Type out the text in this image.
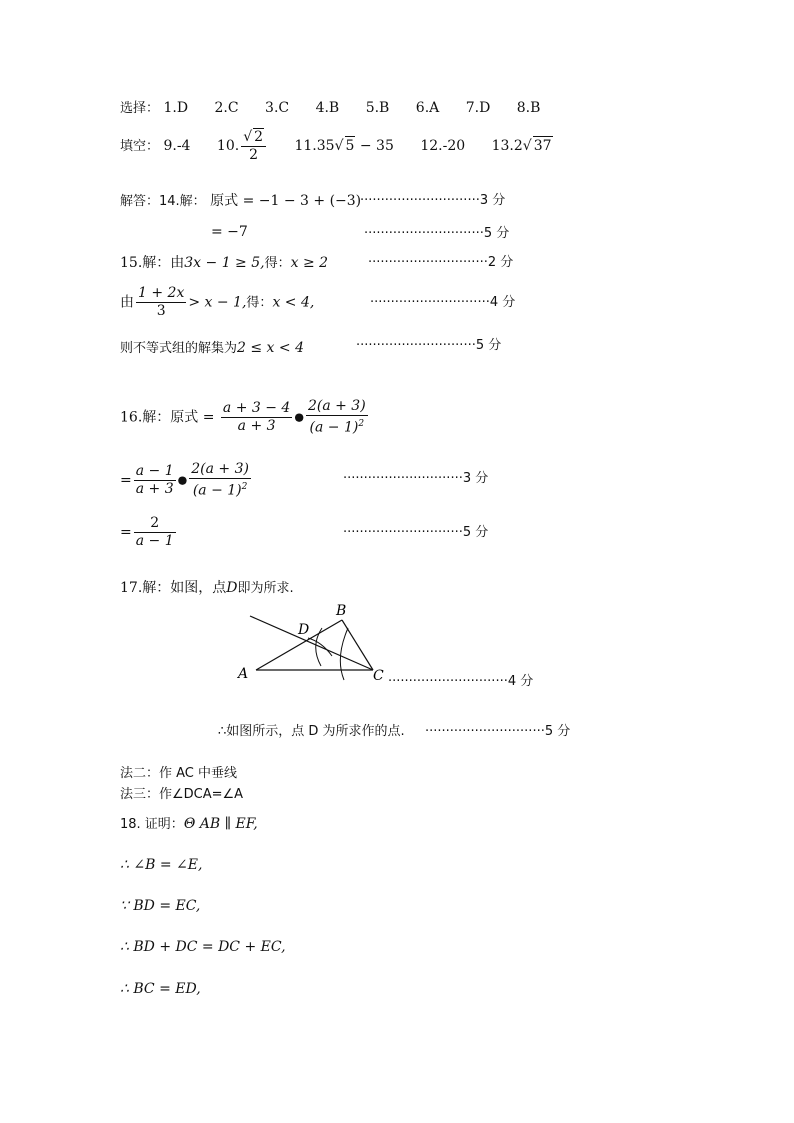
选择： 1.D 2.C 3.C 4.B 5.B 6.A 7.D 8.B
填空： 9.-4 10. $\frac{√ 2}{2} 11.35√$ 5 − 35 12.-20 13.2√ 37
解答：14.解： 原式 = −1 − 3 + (−3)
·····························3 分
= −7	·····························5 分
15.解：由3x − 1 ≥ 5,得：x ≥ 2	·····························2 分
由 $\frac{1 + 2x}{3} > x - 1$,得：x < 4,	·····························4 分
则不等式组的解集为2 ≤ x < 4	·····························5 分
16.解：原式 = $\frac{a + 3 - 4}{a + 3}$ ● $\frac{2(a + 3)}{(a - 1)^2}$
= $\frac{a - 1}{a + 3}$ ● $\frac{2(a + 3)}{(a - 1)^2}$	·····························3 分
= $\frac{2}{a - 1}$	·····························5 分
17.解：如图，点D即为所求.
A
B
C
D
·····························4 分
∴如图所示，点 D 为所求作的点. ·····························5 分
法二：作 AC 中垂线
法三：作∠DCA=∠A
18. 证明：Θ AB ∥ EF,
∴ ∠B = ∠E,
∵ BD = EC,
∴ BD + DC = DC + EC,
∴ BC = ED,
